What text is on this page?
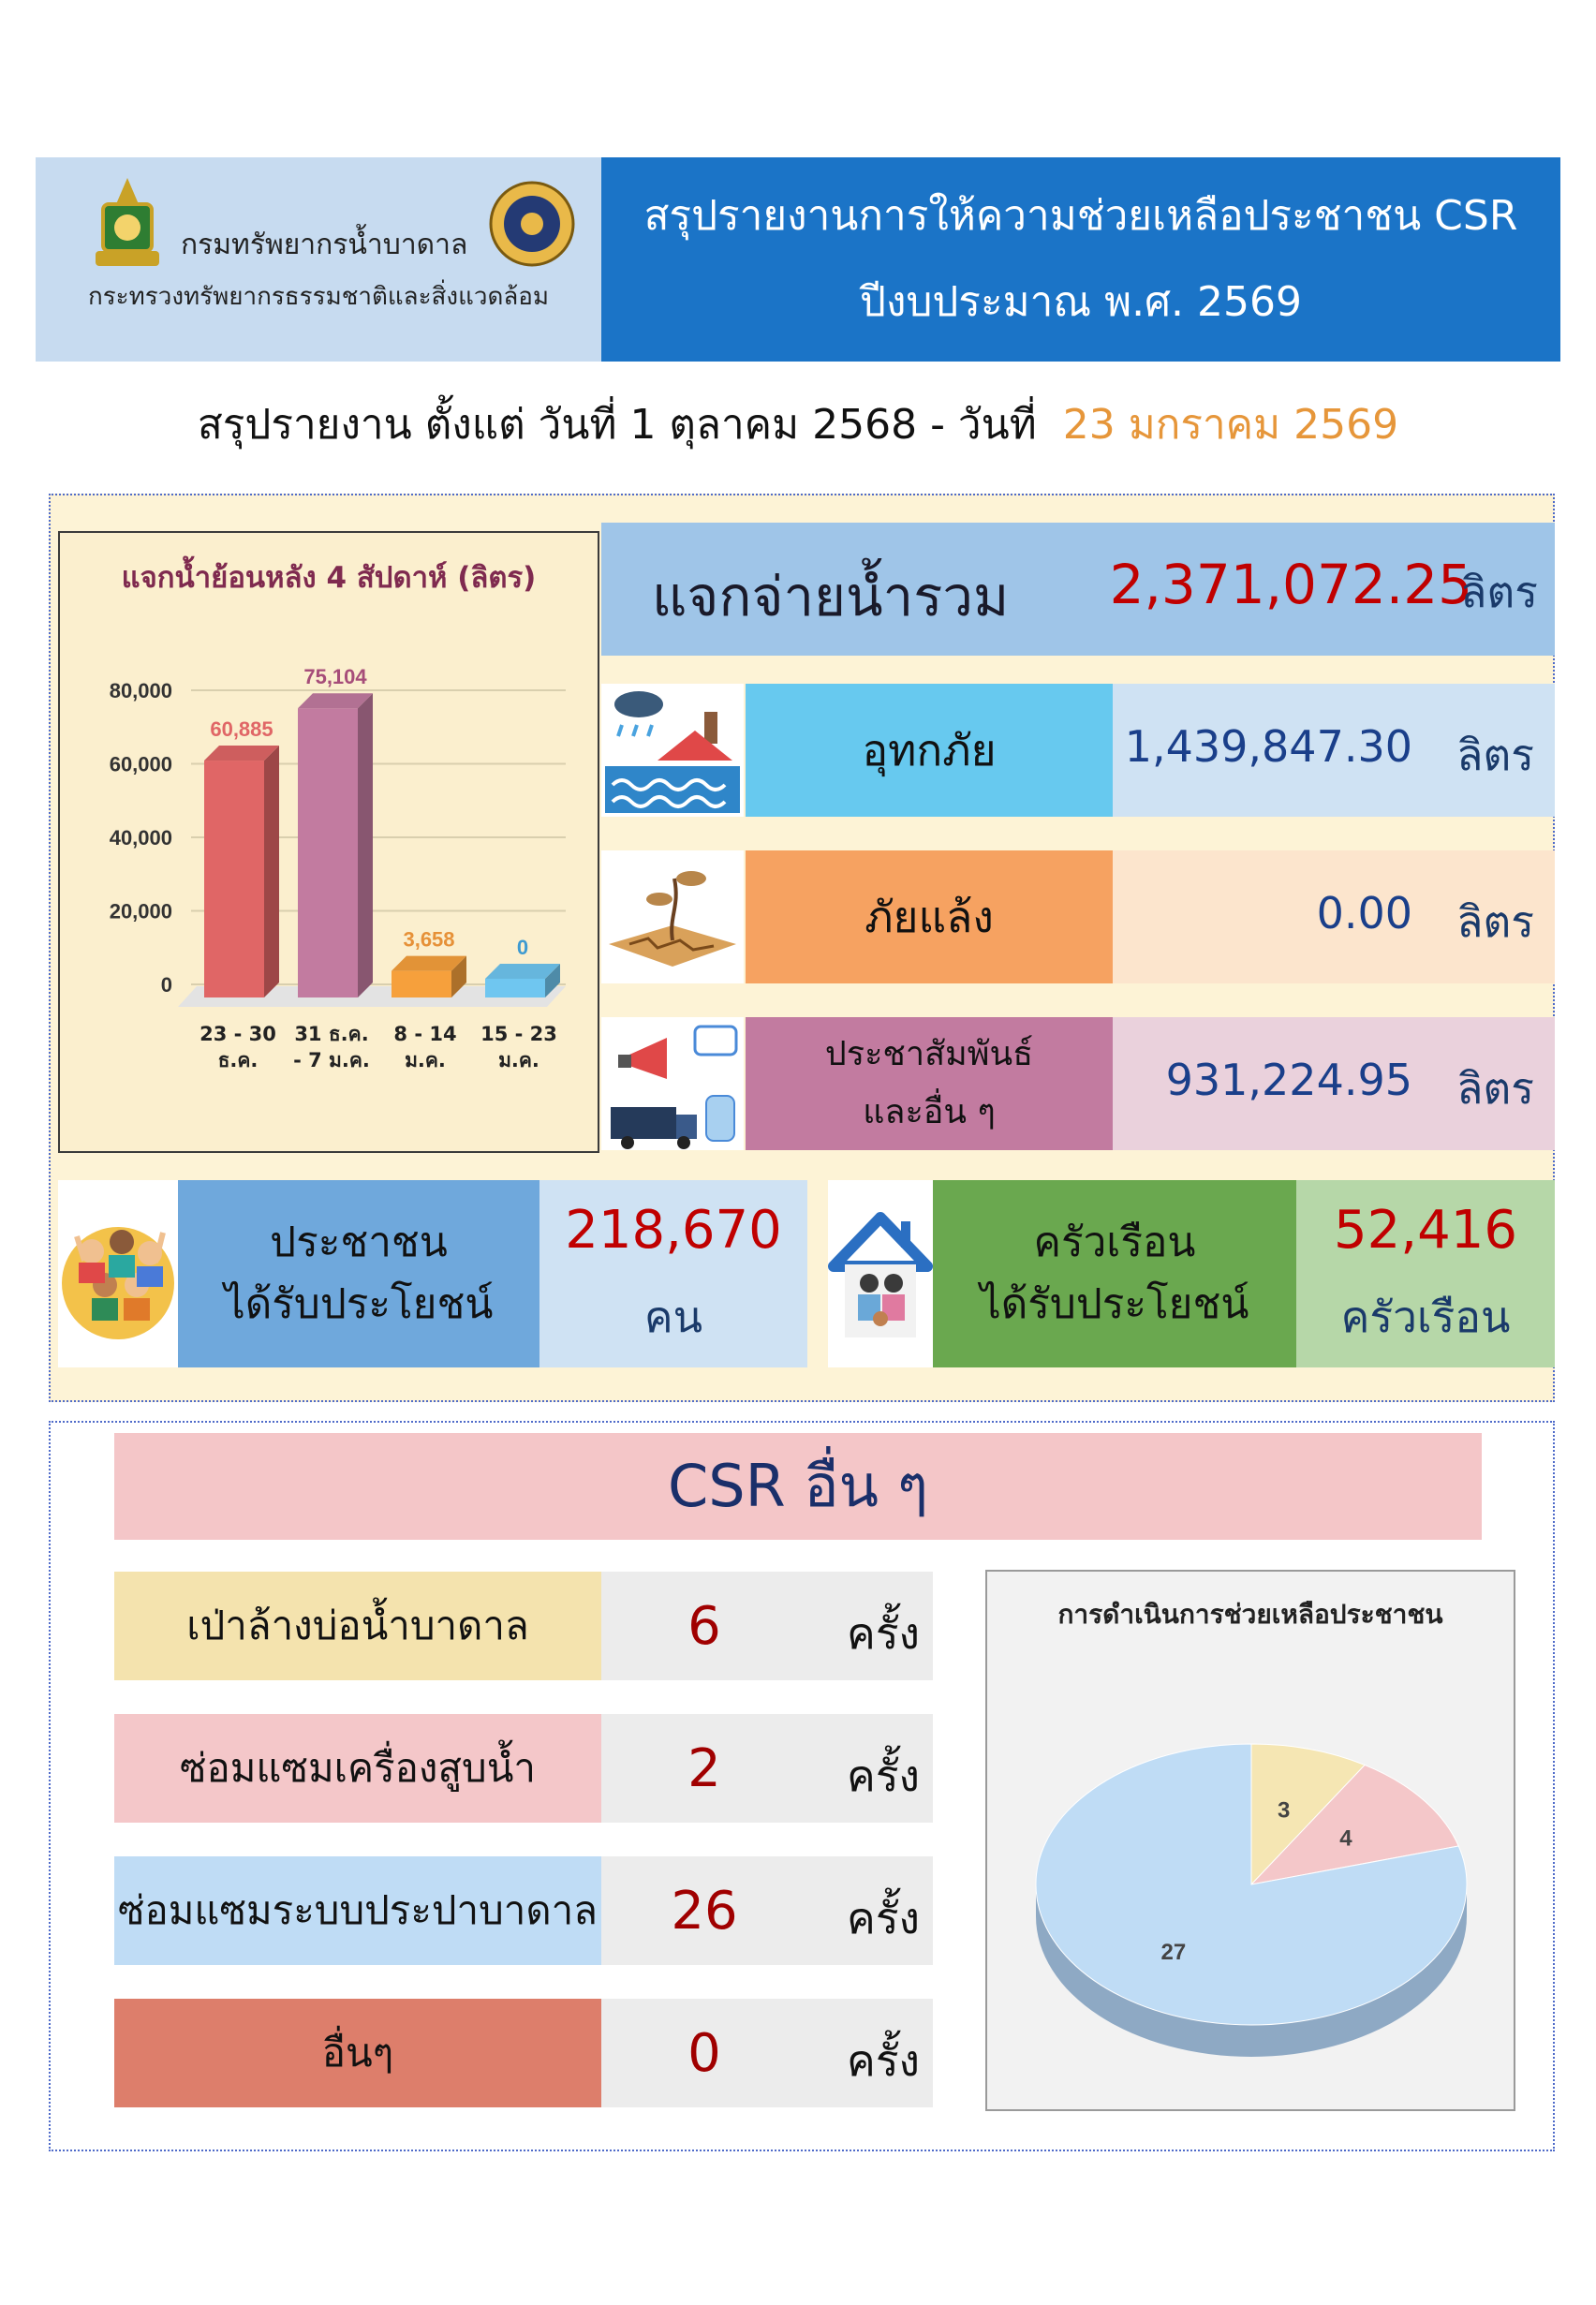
กรมทรัพยากรน้ำบาดาล
กระทรวงทรัพยากรธรรมชาติและสิ่งแวดล้อม
สรุปรายงานการให้ความช่วยเหลือประชาชน CSR
ปีงบประมาณ พ.ศ. 2569
สรุปรายงาน ตั้งแต่ วันที่ 1 ตุลาคม 2568 - วันที่ 23 มกราคม 2569
แจกน้ำย้อนหลัง 4 สัปดาห์ (ลิตร)
0
20,000
40,000
60,000
80,000
60,885
23 - 30
ธ.ค.
75,104
31 ธ.ค.
- 7 ม.ค.
3,658
8 - 14
ม.ค.
0
15 - 23
ม.ค.
แจกจ่ายน้ำรวม	2,371,072.25
ลิตร
อุทกภัย	1,439,847.30	ลิตร
ภัยแล้ง	0.00	ลิตร
ประชาสัมพันธ์
และอื่น ๆ
931,224.95	ลิตร
ประชาชน
ได้รับประโยชน์
218,670
คน
ครัวเรือน
ได้รับประโยชน์
52,416
ครัวเรือน
CSR อื่น ๆ
เป่าล้างบ่อน้ำบาดาล	6	ครั้ง
ซ่อมแซมเครื่องสูบน้ำ	2	ครั้ง
ซ่อมแซมระบบประปาบาดาล	26	ครั้ง
อื่นๆ	0	ครั้ง
การดำเนินการช่วยเหลือประชาชน
3
4
27
